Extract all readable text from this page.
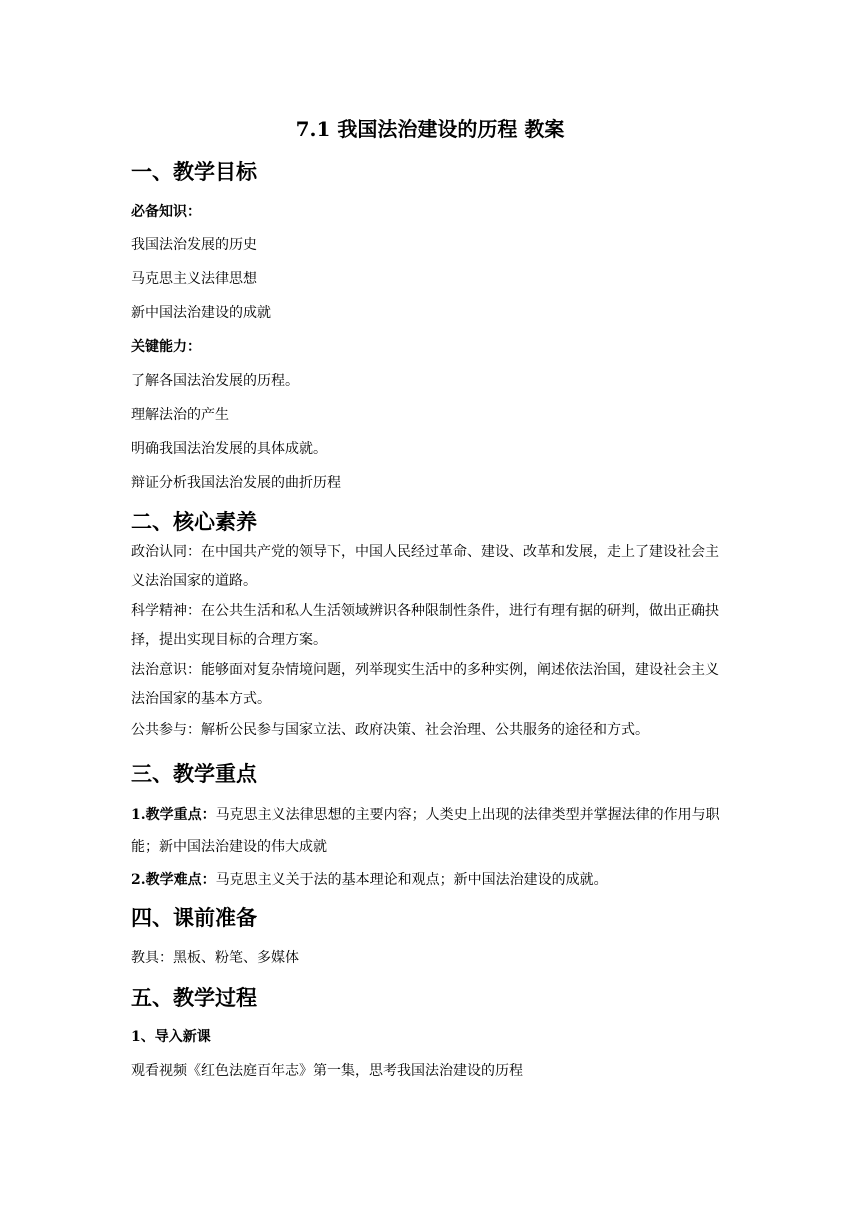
7.1 我国法治建设的历程 教案
一、教学目标
必备知识：
我国法治发展的历史
马克思主义法律思想
新中国法治建设的成就
关键能力：
了解各国法治发展的历程。
理解法治的产生
明确我国法治发展的具体成就。
辩证分析我国法治发展的曲折历程
二、核心素养
政治认同：在中国共产党的领导下，中国人民经过革命、建设、改革和发展，走上了建设社会主义法治国家的道路。
科学精神：在公共生活和私人生活领域辨识各种限制性条件，进行有理有据的研判，做出正确抉择，提出实现目标的合理方案。
法治意识：能够面对复杂情境问题，列举现实生活中的多种实例，阐述依法治国，建设社会主义法治国家的基本方式。
公共参与：解析公民参与国家立法、政府决策、社会治理、公共服务的途径和方式。
三、教学重点
1.教学重点：马克思主义法律思想的主要内容；人类史上出现的法律类型并掌握法律的作用与职能；新中国法治建设的伟大成就
2.教学难点：马克思主义关于法的基本理论和观点；新中国法治建设的成就。
四、课前准备
教具：黑板、粉笔、多媒体
五、教学过程
1、导入新课
观看视频《红色法庭百年志》第一集，思考我国法治建设的历程
